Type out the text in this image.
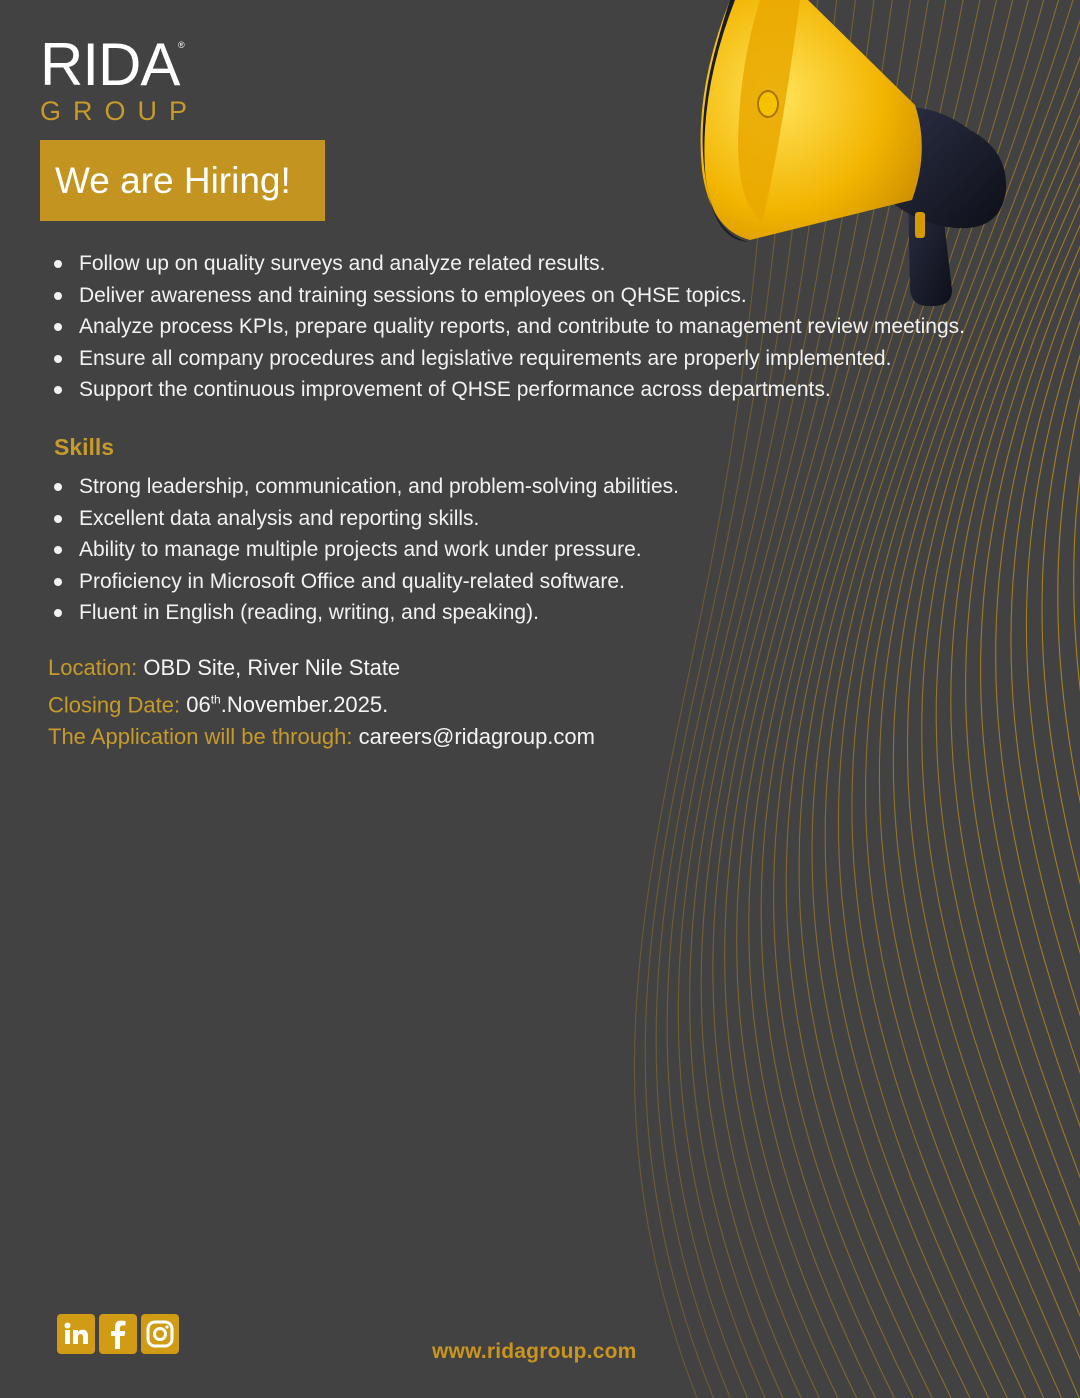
RIDA
®
GROUP
We are Hiring!
Follow up on quality surveys and analyze related results.
Deliver awareness and training sessions to employees on QHSE topics.
Analyze process KPIs, prepare quality reports, and contribute to management review meetings.
Ensure all company procedures and legislative requirements are properly implemented.
Support the continuous improvement of QHSE performance across departments.
Skills
Strong leadership, communication, and problem-solving abilities.
Excellent data analysis and reporting skills.
Ability to manage multiple projects and work under pressure.
Proficiency in Microsoft Office and quality-related software.
Fluent in English (reading, writing, and speaking).
Location: OBD Site, River Nile State
Closing Date: 06th.November.2025.
The Application will be through: careers@ridagroup.com
www.ridagroup.com
